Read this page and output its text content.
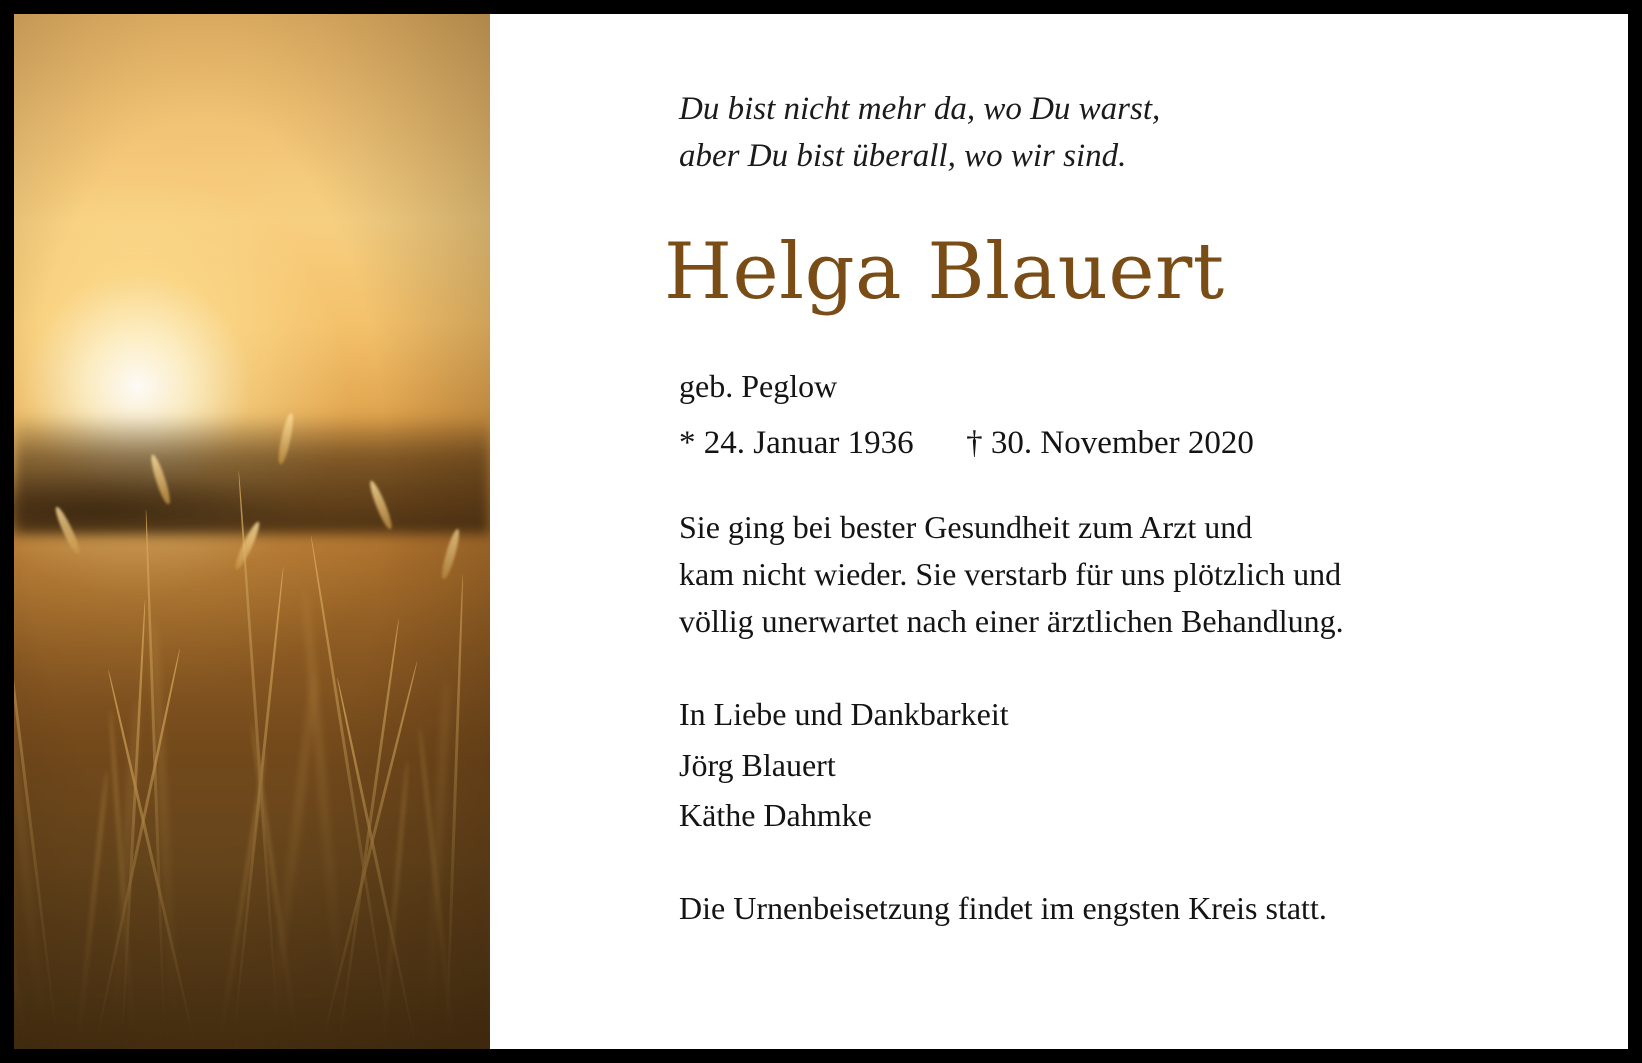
Du bist nicht mehr da, wo Du warst,
aber Du bist überall, wo wir sind.
Helga Blauert
geb. Peglow
* 24. Januar 1936 † 30. November 2020
Sie ging bei bester Gesundheit zum Arzt und
kam nicht wieder. Sie verstarb für uns plötzlich und
völlig unerwartet nach einer ärztlichen Behandlung.
In Liebe und Dankbarkeit
Jörg Blauert
Käthe Dahmke
Die Urnenbeisetzung findet im engsten Kreis statt.
